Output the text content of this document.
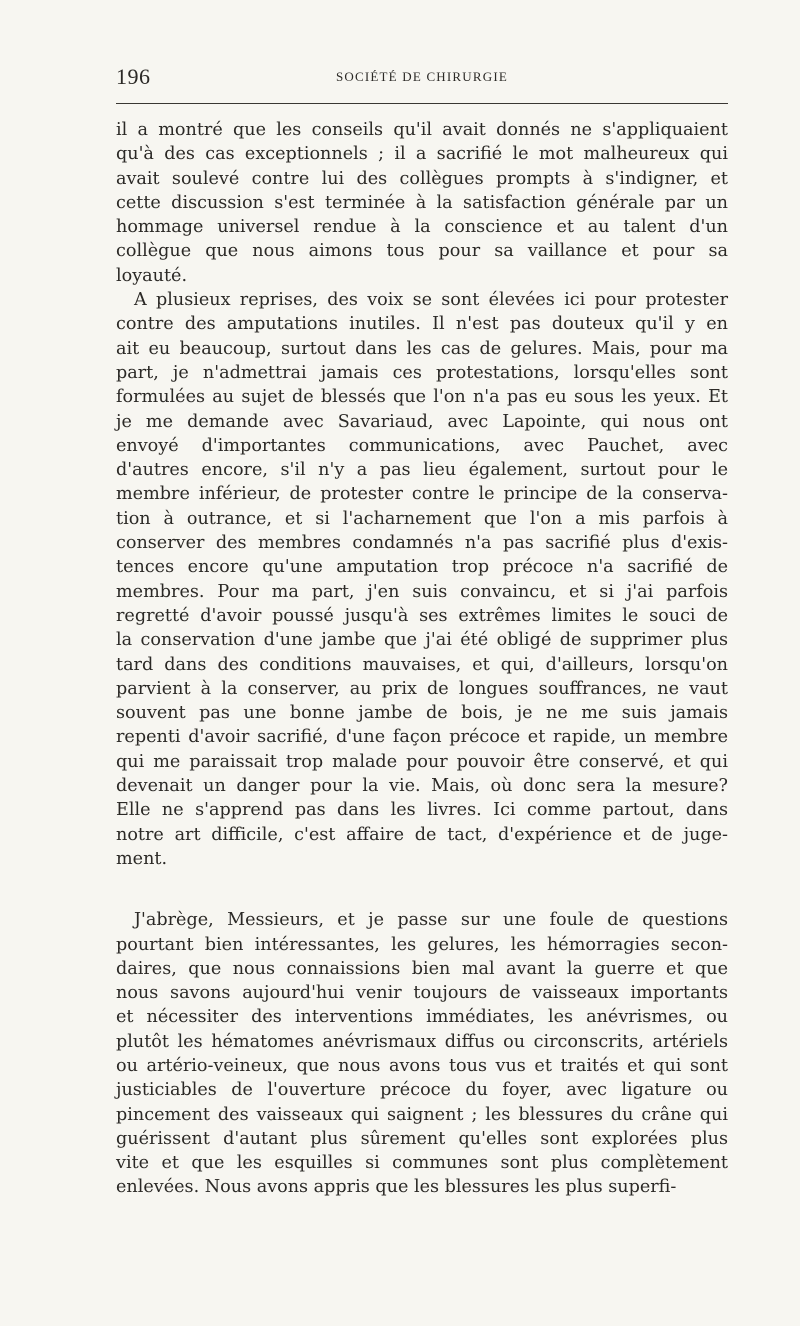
196	SOCIÉTÉ DE CHIRURGIE
il a montré que les conseils qu'il avait donnés ne s'appliquaient
qu'à des cas exceptionnels ; il a sacrifié le mot malheureux qui
avait soulevé contre lui des collègues prompts à s'indigner, et
cette discussion s'est terminée à la satisfaction générale par un
hommage universel rendue à la conscience et au talent d'un
collègue que nous aimons tous pour sa vaillance et pour sa
loyauté.
A plusieux reprises, des voix se sont élevées ici pour protester
contre des amputations inutiles. Il n'est pas douteux qu'il y en
ait eu beaucoup, surtout dans les cas de gelures. Mais, pour ma
part, je n'admettrai jamais ces protestations, lorsqu'elles sont
formulées au sujet de blessés que l'on n'a pas eu sous les yeux. Et
je me demande avec Savariaud, avec Lapointe, qui nous ont
envoyé d'importantes communications, avec Pauchet, avec
d'autres encore, s'il n'y a pas lieu également, surtout pour le
membre inférieur, de protester contre le principe de la conserva-
tion à outrance, et si l'acharnement que l'on a mis parfois à
conserver des membres condamnés n'a pas sacrifié plus d'exis-
tences encore qu'une amputation trop précoce n'a sacrifié de
membres. Pour ma part, j'en suis convaincu, et si j'ai parfois
regretté d'avoir poussé jusqu'à ses extrêmes limites le souci de
la conservation d'une jambe que j'ai été obligé de supprimer plus
tard dans des conditions mauvaises, et qui, d'ailleurs, lorsqu'on
parvient à la conserver, au prix de longues souffrances, ne vaut
souvent pas une bonne jambe de bois, je ne me suis jamais
repenti d'avoir sacrifié, d'une façon précoce et rapide, un membre
qui me paraissait trop malade pour pouvoir être conservé, et qui
devenait un danger pour la vie. Mais, où donc sera la mesure?
Elle ne s'apprend pas dans les livres. Ici comme partout, dans
notre art difficile, c'est affaire de tact, d'expérience et de juge-
ment.
J'abrège, Messieurs, et je passe sur une foule de questions
pourtant bien intéressantes, les gelures, les hémorragies secon-
daires, que nous connaissions bien mal avant la guerre et que
nous savons aujourd'hui venir toujours de vaisseaux importants
et nécessiter des interventions immédiates, les anévrismes, ou
plutôt les hématomes anévrismaux diffus ou circonscrits, artériels
ou artério-veineux, que nous avons tous vus et traités et qui sont
justiciables de l'ouverture précoce du foyer, avec ligature ou
pincement des vaisseaux qui saignent ; les blessures du crâne qui
guérissent d'autant plus sûrement qu'elles sont explorées plus
vite et que les esquilles si communes sont plus complètement
enlevées. Nous avons appris que les blessures les plus superfi-
